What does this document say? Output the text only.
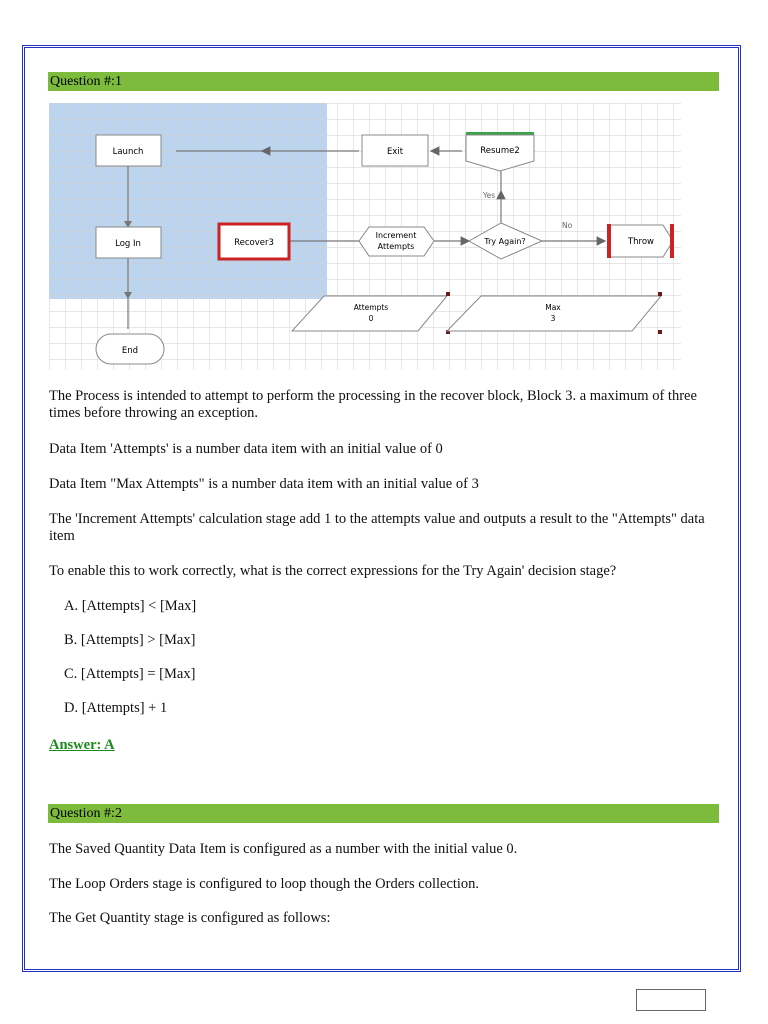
Question #:1
Launch
Log In	Recover3
Exit	Resume2
Yes
Increment
Attempts
Try Again?
No
Throw
Attempts
0
Max
3
End

The Process is intended to attempt to perform the processing in the recover block, Block 3. a maximum of three times before throwing an exception.

Data Item 'Attempts' is a number data item with an initial value of 0

Data Item "Max Attempts" is a number data item with an initial value of 3

The 'Increment Attempts' calculation stage add 1 to the attempts value and outputs a result to the "Attempts" data item

To enable this to work correctly, what is the correct expressions for the Try Again' decision stage?

A. [Attempts] < [Max]
B. [Attempts] > [Max]
C. [Attempts] = [Max]
D. [Attempts] + 1
Answer: A
Question #:2

The Saved Quantity Data Item is configured as a number with the initial value 0.

The Loop Orders stage is configured to loop though the Orders collection.

The Get Quantity stage is configured as follows:
